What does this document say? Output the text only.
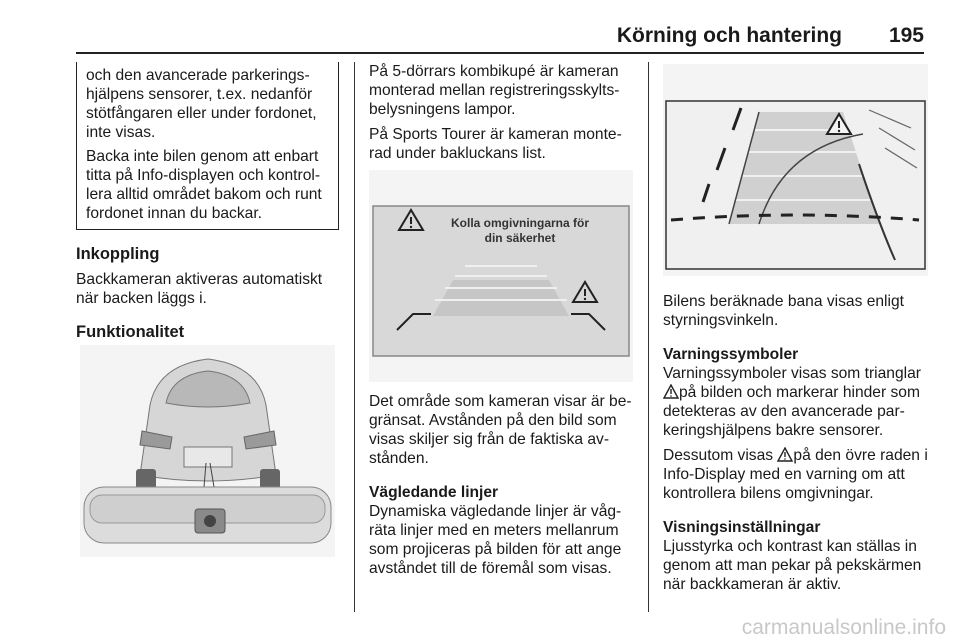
Körning och hantering 195

och den avancerade parkerings-hjälpens sensorer, t.ex. nedanför stötfångaren eller under fordonet, inte visas.

Backa inte bilen genom att enbart titta på Info-displayen och kontrol-lera alltid området bakom och runt fordonet innan du backar.

Inkoppling

Backkameran aktiveras automatiskt när backen läggs i.

Funktionalitet

På 5-dörrars kombikupé är kameran monterad mellan registreringsskylts-belysningens lampor.

På Sports Tourer är kameran monte-rad under bakluckans list.

Kolla omgivningarna för
din säkerhet

Det område som kameran visar är be-gränsat. Avstånden på den bild som visas skiljer sig från de faktiska av-stånden.

Vägledande linjer

Dynamiska vägledande linjer är våg-räta linjer med en meters mellanrum som projiceras på bilden för att ange avståndet till de föremål som visas.

Bilens beräknade bana visas enligt styrningsvinkeln.

Varningssymboler

Varningssymboler visas som trianglar
på bilden och markerar hinder som detekteras av den avancerade par-keringshjälpens bakre sensorer.

Dessutom visas på den övre raden i Info-Display med en varning om att kontrollera bilens omgivningar.

Visningsinställningar

Ljusstyrka och kontrast kan ställas in genom att man pekar på pekskärmen när backkameran är aktiv.

carmanualsonline.info
